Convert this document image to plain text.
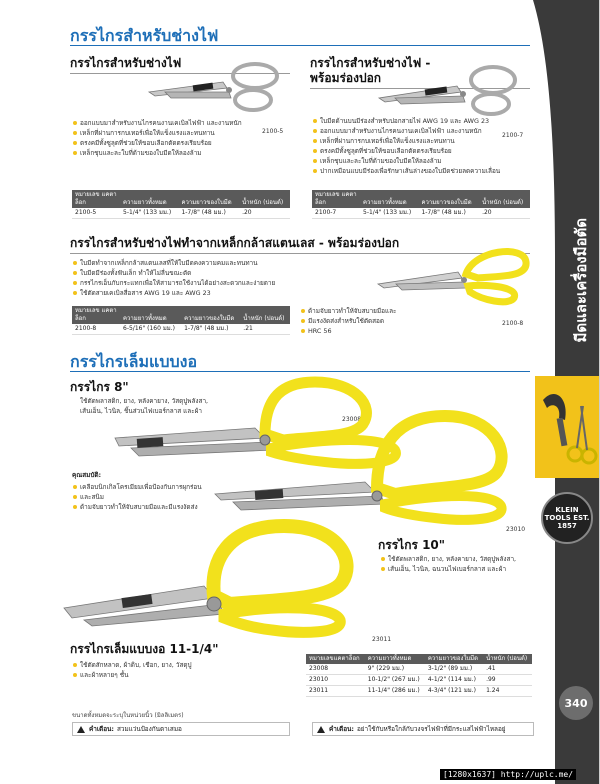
มีดและเครื่องมือตัด
KLEIN TOOLS EST. 1857
340
กรรไกรสำหรับช่างไฟ
กรรไกรสำหรับช่างไฟ
2100-5
ออกแบบมาสำหรับงานไกรคนงานเคเบิลไฟฟ้า และงานหนัก
เหล็กที่ผ่านการกบเทอร์เพื่อให้แข็งแรงและทนทาน
ตรงคมีทั้งซูลุตที่ช่วยให้ขอบเลือกตัดตรงเรียบร้อย
เหล็กชุบและละใบที่ด้ามของใบมีดให้ลองล้าม
หมายเลข แคตาล็อก	ความยาวทั้งหมด	ความยาวของใบมีด	น้ำหนัก (ปอนด์)
2100-5	5-1/4" (133 มม.)	1-7/8" (48 มม.)	.20
กรรไกรสำหรับช่างไฟ -
พร้อมร่องปอก
2100-7
ใบมีดด้านบนมีร่องสำหรับปอกสายไฟ AWG 19 และ AWG 23
ออกแบบมาสำหรับงานไกรคนงานเคเบิลไฟฟ้า และงานหนัก
เหล็กที่ผ่านการกบเทอร์เพื่อให้แข็งแรงและทนทาน
ตรงคมีทั้งซูลุตที่ช่วยให้ขอบเลือกตัดตรงเรียบร้อย
เหล็กชุบและละใบที่ด้ามของใบมีดให้ลองล้าม
ปากเหมือนแบบมีร่องเพื่อรักษาเส้นล่างของใบมีดช่วยลดความเลื่อน
หมายเลข แคตาล็อก	ความยาวทั้งหมด	ความยาวของใบมีด	น้ำหนัก (ปอนด์)
2100-7	5-1/4" (133 มม.)	1-7/8" (48 มม.)	.20
กรรไกรสำหรับช่างไฟทำจากเหล็กกล้าสแตนเลส - พร้อมร่องปอก
ใบมีดทำจากเหล็กกล้าสแตนเลสที่ให้ใบมีดคงความคมและทนทาน
ใบมีดมีร่องทั้งฟันเล็ก ทำให้ไม่ลื่นขณะตัด
กรรไกรเอ็นกับกระแทกเพื่อให้สามารถใช้งานได้อย่างสะดวกและง่ายดาย
ใช้ตัดสายเคเบิลสื่อสาร AWG 19 และ AWG 23
หมายเลข แคตาล็อก	ความยาวทั้งหมด	ความยาวของใบมีด	น้ำหนัก (ปอนด์)
2100-8	6-5/16" (160 มม.)	1-7/8" (48 มม.)	.21
ด้ามจับยาวทำให้จับสบายมือและ
มีแรงงัดส่งสำหรับใช้ตัดสอด
HRC 56
2100-8
กรรไกรเล็มแบบงอ
กรรไกร 8"
ใช้ตัดพลาสติก, ยาง, หลังคายาง, วัสดุปูพลังสา,
เส้นเอ็น, ไวนิล, ชิ้นส่วนไฟเบอร์กลาส และผ้า
23008
คุณสมบัติ:
เคลือบนิกเกิลโครเมียมเพื่อป้องกันการผุกร่อน
และสนิม
ด้ามจับยาวทำให้จับสบายมือและมีแรงงัดส่ง
23010
กรรไกร 10"
ใช้ตัดพลาสติก, ยาง, หลังคายาง, วัสดุปูพลังสา,
เส้นเอ็น, ไวนิล, ฉนวนไฟเบอร์กลาส และผ้า
23011
กรรไกรเล็มแบบงอ 11-1/4"
ใช้ตัดสักหลาด, ผ้าดิบ, เชือก, ยาง, วัสดุปู
และผ้าหลายๆ ชั้น
หมายเลขแคตาล็อก	ความยาวทั้งหมด	ความยาวของใบมีด	น้ำหนัก (ปอนด์)
23008	9" (229 มม.)	3-1/2" (89 มม.)	.41
23010	10-1/2" (267 มม.)	4-1/2" (114 มม.)	.99
23011	11-1/4" (286 มม.)	4-3/4" (121 มม.)	1.24
ขนาดทั้งหมดจะระบุในหน่วยนิ้ว (มิลลิเมตร)
คำเตือน: สวมแว่นป้องกันตาเสมอ	คำเตือน: อย่าใช้กับหรือใกล้กับวงจรไฟฟ้าที่มีกระแสไฟฟ้าไหลอยู่
[1280x1637] http://uplc.me/
